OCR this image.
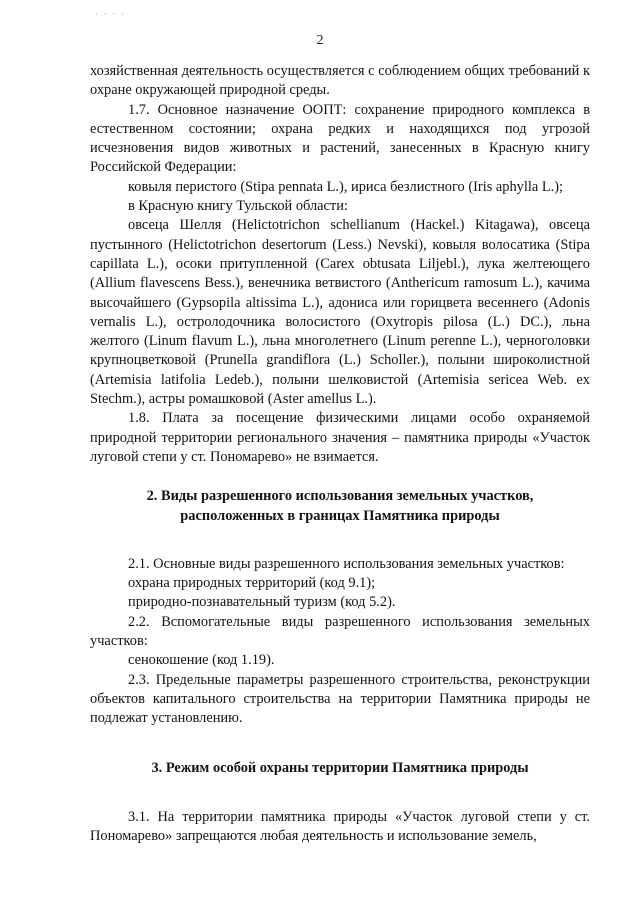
· · · ·
2

хозяйственная деятельность осуществляется с соблюдением общих требований к охране окружающей природной среды.

1.7. Основное назначение ООПТ: сохранение природного комплекса в естественном состоянии; охрана редких и находящихся под угрозой исчезновения видов животных и растений, занесенных в Красную книгу Российской Федерации:

ковыля перистого (Stipa pennata L.), ириса безлистного (Iris aphylla L.);

в Красную книгу Тульской области:

овсеца Шелля (Helictotrichon schellianum (Hackel.) Kitagawa), овсеца пустынного (Helictotrichon desertorum (Less.) Nevski), ковыля волосатика (Stipa capillata L.), осоки притупленной (Carex obtusata Liljebl.), лука желтеющего (Allium flavescens Bess.), венечника ветвистого (Anthericum ramosum L.), качима высочайшего (Gypsopila altissima L.), адониса или горицвета весеннего (Adonis vernalis L.), остролодочника волосистого (Oxytropis pilosa (L.) DC.), льна желтого (Linum flavum L.), льна многолетнего (Linum perenne L.), черноголовки крупноцветковой (Prunella grandiflora (L.) Scholler.), полыни широколистной (Artemisia latifolia Ledeb.), полыни шелковистой (Artemisia sericea Web. ex Stechm.), астры ромашковой (Aster amellus L.).

1.8. Плата за посещение физическими лицами особо охраняемой природной территории регионального значения – памятника природы «Участок луговой степи у ст. Пономарево» не взимается.

2. Виды разрешенного использования земельных участков,
расположенных в границах Памятника природы

2.1. Основные виды разрешенного использования земельных участков:

охрана природных территорий (код 9.1);

природно-познавательный туризм (код 5.2).

2.2. Вспомогательные виды разрешенного использования земельных участков:

сенокошение (код 1.19).

2.3. Предельные параметры разрешенного строительства, реконструкции объектов капитального строительства на территории Памятника природы не подлежат установлению.

3. Режим особой охраны территории Памятника природы

3.1. На территории памятника природы «Участок луговой степи у ст. Пономарево» запрещаются любая деятельность и использование земель,
